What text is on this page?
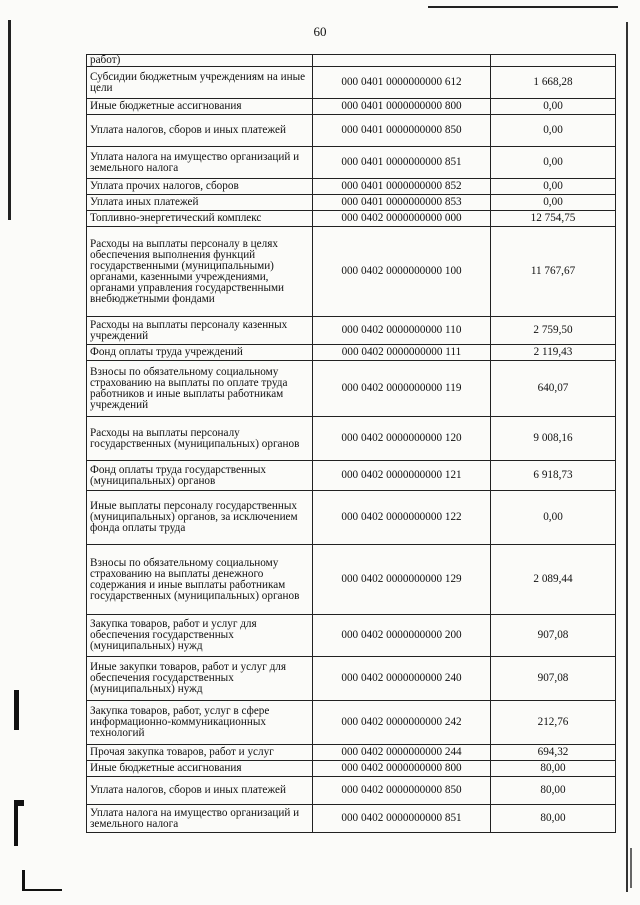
60
работ)		
Субсидии бюджетным учреждениям на иные цели	000 0401 0000000000 612	1 668,28
Иные бюджетные ассигнования	000 0401 0000000000 800	0,00
Уплата налогов, сборов и иных платежей	000 0401 0000000000 850	0,00
Уплата налога на имущество организаций и земельного налога	000 0401 0000000000 851	0,00
Уплата прочих налогов, сборов	000 0401 0000000000 852	0,00
Уплата иных платежей	000 0401 0000000000 853	0,00
Топливно-энергетический комплекс	000 0402 0000000000 000	12 754,75
Расходы на выплаты персоналу в целях обеспечения выполнения функций государственными (муниципальными) органами, казенными учреждениями, органами управления государственными внебюджетными фондами	000 0402 0000000000 100	11 767,67
Расходы на выплаты персоналу казенных учреждений	000 0402 0000000000 110	2 759,50
Фонд оплаты труда учреждений	000 0402 0000000000 111	2 119,43
Взносы по обязательному социальному страхованию на выплаты по оплате труда работников и иные выплаты работникам учреждений	000 0402 0000000000 119	640,07
Расходы на выплаты персоналу государственных (муниципальных) органов	000 0402 0000000000 120	9 008,16
Фонд оплаты труда государственных (муниципальных) органов	000 0402 0000000000 121	6 918,73
Иные выплаты персоналу государственных (муниципальных) органов, за исключением фонда оплаты труда	000 0402 0000000000 122	0,00
Взносы по обязательному социальному страхованию на выплаты денежного содержания и иные выплаты работникам государственных (муниципальных) органов	000 0402 0000000000 129	2 089,44
Закупка товаров, работ и услуг для обеспечения государственных (муниципальных) нужд	000 0402 0000000000 200	907,08
Иные закупки товаров, работ и услуг для обеспечения государственных (муниципальных) нужд	000 0402 0000000000 240	907,08
Закупка товаров, работ, услуг в сфере информационно-коммуникационных технологий	000 0402 0000000000 242	212,76
Прочая закупка товаров, работ и услуг	000 0402 0000000000 244	694,32
Иные бюджетные ассигнования	000 0402 0000000000 800	80,00
Уплата налогов, сборов и иных платежей	000 0402 0000000000 850	80,00
Уплата налога на имущество организаций и земельного налога	000 0402 0000000000 851	80,00
